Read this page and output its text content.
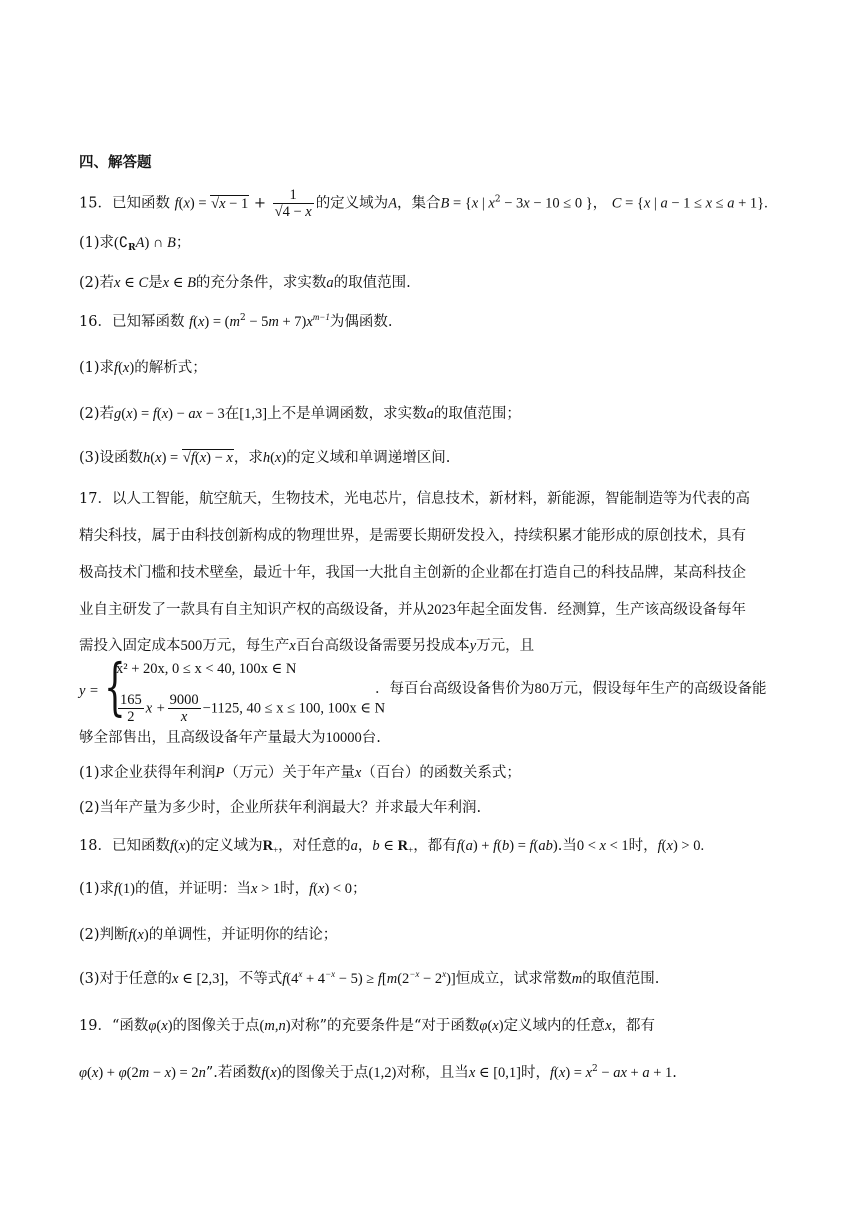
四、解答题
15．已知函数 $f(x) = √x - 1 + \frac{1}{√4 - x}$ 的定义域为A，集合B = {x | $x^2 - 3x - 10 \le 0$ }， C = {x | a − 1 ≤ x ≤ a + 1}.
(1)求$(∁_RA)$ ∩ B；
(2)若x ∈ C是x ∈ B的充分条件，求实数a的取值范围.
16．已知幂函数 $f(x) = (m^2 - 5m + 7)x^{m-1}$为偶函数.
(1)求f(x)的解析式；
(2)若g(x) = f(x) − ax − 3在[1,3]上不是单调函数，求实数a的取值范围；
(3)设函数h(x) = √f(x) − x，求h(x)的定义域和单调递增区间.
17．以人工智能，航空航天，生物技术，光电芯片，信息技术，新材料，新能源，智能制造等为代表的高
精尖科技，属于由科技创新构成的物理世界，是需要长期研发投入，持续积累才能形成的原创技术，具有
极高技术门槛和技术壁垒，最近十年，我国一大批自主创新的企业都在打造自己的科技品牌，某高科技企
业自主研发了一款具有自主知识产权的高级设备，并从2023年起全面发售．经测算，生产该高级设备每年
需投入固定成本500万元，每生产x百台高级设备需要另投成本y万元，且
y = {
x² + 20x, 0 ≤ x < 40, 100x ∈ N
$\frac{165}{2}$ $x + \frac{9000}{x} -1125$, 40 ≤ x ≤ 100, 100x ∈ N
．每百台高级设备售价为80万元，假设每年生产的高级设备能
够全部售出，且高级设备年产量最大为10000台.
(1)求企业获得年利润P（万元）关于年产量x（百台）的函数关系式；
(2)当年产量为多少时，企业所获年利润最大？并求最大年利润.
18．已知函数f(x)的定义域为$R_+$，对任意的a，b ∈ $R_+$，都有f(a) + f(b) = f(ab).当0 < x < 1时，f(x) > 0.
(1)求f(1)的值，并证明：当x > 1时，f(x) < 0；
(2)判断f(x)的单调性，并证明你的结论；
(3)对于任意的x ∈ [2,3]，不等式$f(4^x + 4^{-x} - 5) \ge f[m(2^{-x} - 2^x)]$恒成立，试求常数m的取值范围.
19．“函数φ(x)的图像关于点(m,n)对称”的充要条件是“对于函数φ(x)定义域内的任意x，都有
φ(x) + φ(2m − x) = 2n”.若函数f(x)的图像关于点(1,2)对称，且当x ∈ [0,1]时，$f(x) = x^2$ − ax + a + 1.
